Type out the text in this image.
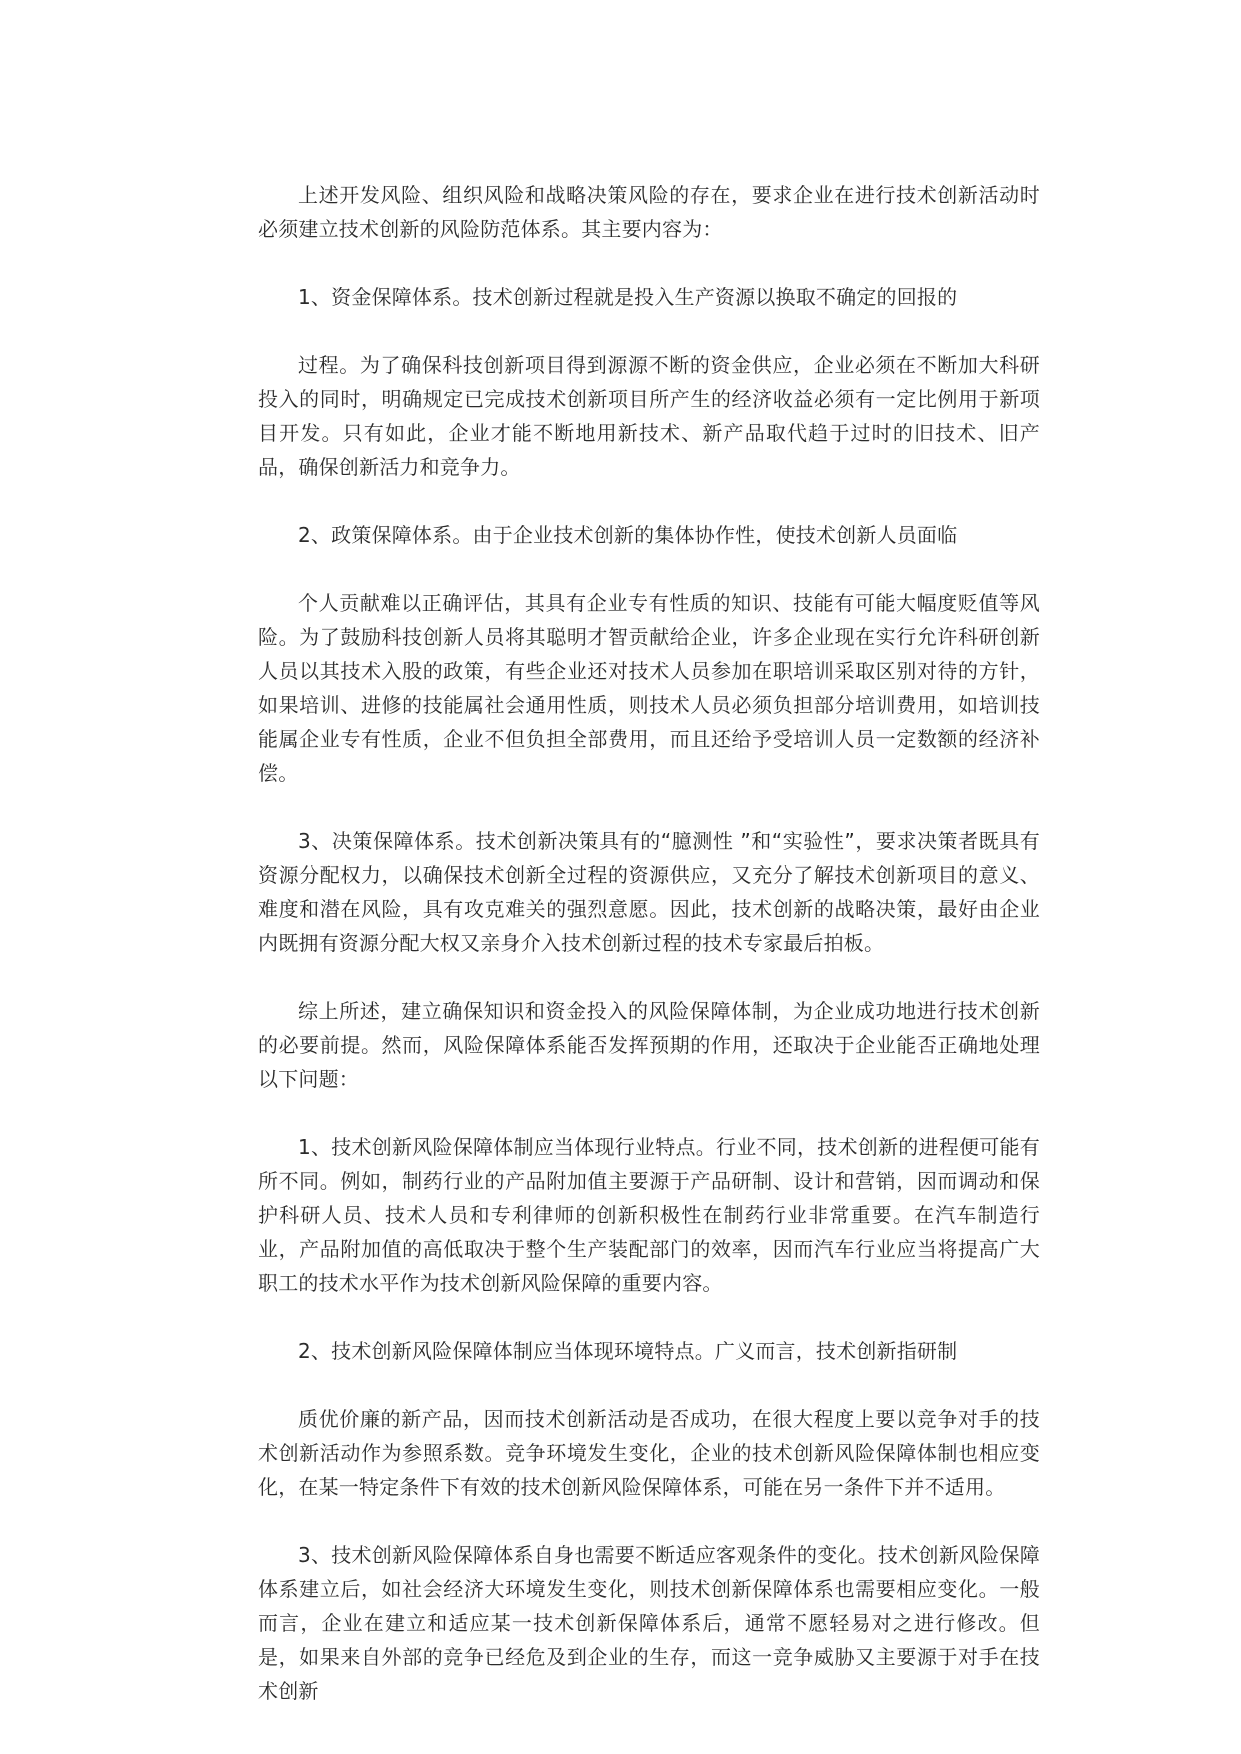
上述开发风险、组织风险和战略决策风险的存在，要求企业在进行技术创新活动时必须建立技术创新的风险防范体系。其主要内容为：

1、资金保障体系。技术创新过程就是投入生产资源以换取不确定的回报的

过程。为了确保科技创新项目得到源源不断的资金供应，企业必须在不断加大科研投入的同时，明确规定已完成技术创新项目所产生的经济收益必须有一定比例用于新项目开发。只有如此，企业才能不断地用新技术、新产品取代趋于过时的旧技术、旧产品，确保创新活力和竞争力。

2、政策保障体系。由于企业技术创新的集体协作性，使技术创新人员面临

个人贡献难以正确评估，其具有企业专有性质的知识、技能有可能大幅度贬值等风险。为了鼓励科技创新人员将其聪明才智贡献给企业，许多企业现在实行允许科研创新人员以其技术入股的政策，有些企业还对技术人员参加在职培训采取区别对待的方针，如果培训、进修的技能属社会通用性质，则技术人员必须负担部分培训费用，如培训技能属企业专有性质，企业不但负担全部费用，而且还给予受培训人员一定数额的经济补偿。

3、决策保障体系。技术创新决策具有的“臆测性 ”和“实验性”，要求决策者既具有资源分配权力，以确保技术创新全过程的资源供应，又充分了解技术创新项目的意义、难度和潜在风险，具有攻克难关的强烈意愿。因此，技术创新的战略决策，最好由企业内既拥有资源分配大权又亲身介入技术创新过程的技术专家最后拍板。

综上所述，建立确保知识和资金投入的风险保障体制，为企业成功地进行技术创新的必要前提。然而，风险保障体系能否发挥预期的作用，还取决于企业能否正确地处理以下问题：

1、技术创新风险保障体制应当体现行业特点。行业不同，技术创新的进程便可能有所不同。例如，制药行业的产品附加值主要源于产品研制、设计和营销，因而调动和保护科研人员、技术人员和专利律师的创新积极性在制药行业非常重要。在汽车制造行业，产品附加值的高低取决于整个生产装配部门的效率，因而汽车行业应当将提高广大职工的技术水平作为技术创新风险保障的重要内容。

2、技术创新风险保障体制应当体现环境特点。广义而言，技术创新指研制

质优价廉的新产品，因而技术创新活动是否成功，在很大程度上要以竞争对手的技术创新活动作为参照系数。竞争环境发生变化，企业的技术创新风险保障体制也相应变化，在某一特定条件下有效的技术创新风险保障体系，可能在另一条件下并不适用。

3、技术创新风险保障体系自身也需要不断适应客观条件的变化。技术创新风险保障体系建立后，如社会经济大环境发生变化，则技术创新保障体系也需要相应变化。一般而言，企业在建立和适应某一技术创新保障体系后，通常不愿轻易对之进行修改。但是，如果来自外部的竞争已经危及到企业的生存，而这一竞争威胁又主要源于对手在技术创新
